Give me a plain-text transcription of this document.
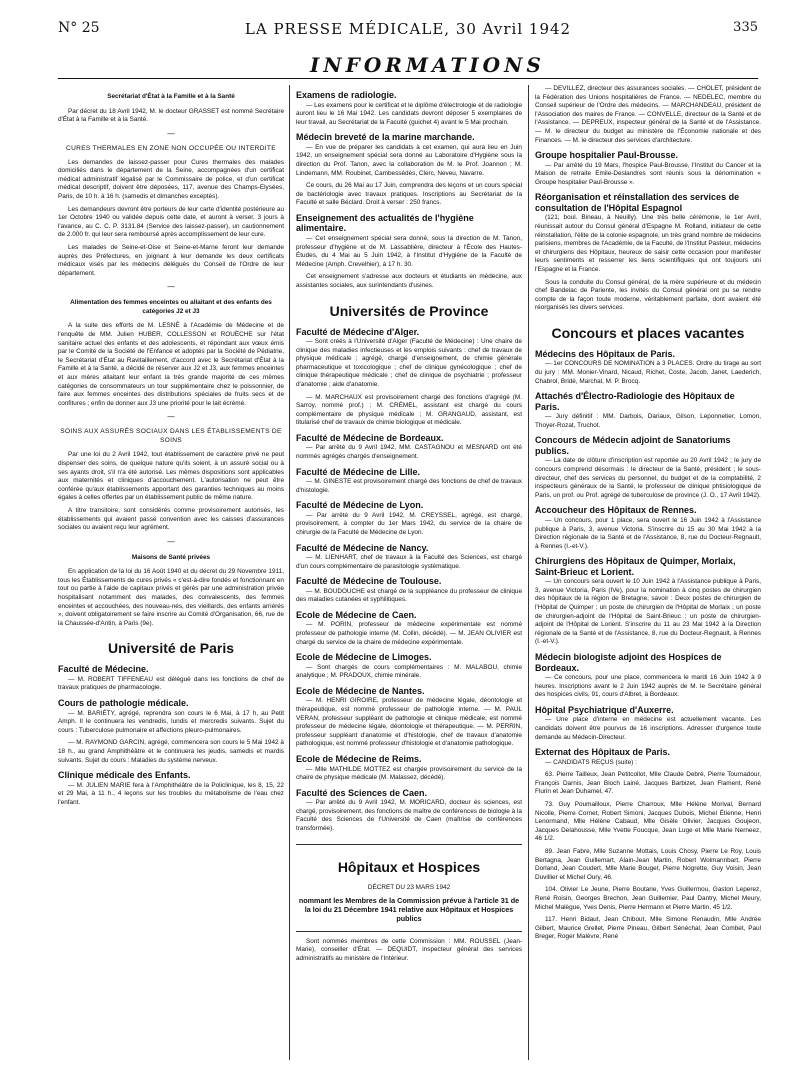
N° 25	LA PRESSE MÉDICALE, 30 Avril 1942	335
INFORMATIONS
Secrétariat d'État à la Famille et à la Santé

Par décret du 18 Avril 1942, M. le docteur GRASSET est nommé Secrétaire d'État à la Famille et à la Santé.

—
CURES THERMALES EN ZONE NON OCCUPÉE OU INTERDITE

Les demandes de laissez-passer pour Cures thermales des malades domiciliés dans le département de la Seine, accompagnées d'un certificat médical administratif légalisé par le Commissaire de police, et d'un certificat médical descriptif, doivent être déposées, 117, avenue des Champs-Elysées, Paris, de 10 h. à 16 h. (samedis et dimanches exceptés).

Les demandeurs devront être porteurs de leur carte d'identité postérieure au 1er Octobre 1940 ou validée depuis cette date, et auront à verser, 3 jours à l'avance, au C. C. P. 3131.84 (Service des laissez-passer), un cautionnement de 2.000 fr. qui leur sera remboursé après accomplissement de leur cure.

Les malades de Seine-et-Oise et Seine-et-Marne feront leur demande auprès des Préfectures, en joignant à leur demande les deux certificats médicaux visés par les médecins délégués du Conseil de l'Ordre de leur département.

—
Alimentation des femmes enceintes ou allaitant et des enfants des catégories J2 et J3

A la suite des efforts de M. LESNÉ à l'Académie de Médecine et de l'enquête de MM. Julien HUBER, COLLESSON et ROUÈCHE sur l'état sanitaire actuel des enfants et des adolescents, et répondant aux vœux émis par le Comité de la Société de l'Enfance et adoptés par la Société de Pédiatrie, le Secrétariat d'État au Ravitaillement, d'accord avec le Secrétariat d'État à la Famille et à la Santé, a décidé de réserver aux J2 et J3, aux femmes enceintes et aux mères allaitant leur enfant la très grande majorité de ces mêmes catégories de consommateurs un tour supplémentaire chez le poissonnier, de faire aux femmes enceintes des distributions spéciales de fruits secs et de confitures ; enfin de donner aux J3 une priorité pour le lait écrémé.

—
SOINS AUX ASSURÉS SOCIAUX DANS LES ÉTABLISSEMENTS DE SOINS

Par une loi du 2 Avril 1942, tout établissement de caractère privé ne peut dispenser des soins, de quelque nature qu'ils soient, à un assuré social ou à ses ayants droit, s'il n'a été autorisé. Les mêmes dispositions sont applicables aux maternités et cliniques d'accouchement. L'autorisation ne peut être conférée qu'aux établissements apportant des garanties techniques au moins égales à celles offertes par un établissement public de même nature.

A titre transitoire, sont considérés comme provisoirement autorisés, les établissements qui avaient passé convention avec les caisses d'assurances sociales ou avaient reçu leur agrément.

—
Maisons de Santé privées

En application de la loi du 16 Août 1940 et du décret du 29 Novembre 1911, tous les Établissements de cures privés « c'est-à-dire fondés et fonctionnant en tout ou partie à l'aide de capitaux privés et gérés par une administration privée hospitalisant notamment des malades, des convalescents, des femmes enceintes et accouchées, des nouveau-nés, des vieillards, des enfants arriérés », doivent obligatoirement se faire inscrire au Comité d'Organisation, 66, rue de la Chaussée-d'Antin, à Paris (9e).

Université de Paris
Faculté de Médecine.

— M. ROBERT TIFFENEAU est délégué dans les fonctions de chef de travaux pratiques de pharmacologie.

Cours de pathologie médicale.

— M. BARIÉTY, agrégé, reprendra son cours le 6 Mai, à 17 h, au Petit Amph. Il le continuera les vendredis, lundis et mercredis suivants. Sujet du cours : Tuberculose pulmonaire et affections pleuro-pulmonaires.

— M. RAYMOND GARCIN, agrégé, commencera son cours le 5 Mai 1942 à 18 h., au grand Amphithéâtre et le continuera les jeudis, samedis et mardis suivants. Sujet du cours : Maladies du système nerveux.

Clinique médicale des Enfants.

— M. JULIEN MARIE fera à l'Amphithéâtre de la Policlinique, les 8, 15, 22 et 29 Mai, à 11 h., 4 leçons sur les troubles du métabolisme de l'eau chez l'enfant.

Examens de radiologie.

— Les examens pour le certificat et le diplôme d'électrologie et de radiologie auront lieu le 16 Mai 1942. Les candidats devront déposer 5 exemplaires de leur travail, au Secrétariat de la Faculté (guichet 4) avant le 5 Mai prochain.

Médecin breveté de la marine marchande.

— En vue de préparer les candidats à cet examen, qui aura lieu en Juin 1942, un enseignement spécial sera donné au Laboratoire d'Hygiène sous la direction du Prof. Tanon, avec la collaboration de M. le Prof. Joannon ; M. Lindemann, MM. Roubinet, Cambessédès, Clerc, Neveu, Navarre.

Ce cours, du 26 Mai au 17 Juin, comprendra des leçons et un cours spécial de bactériologie avec travaux pratiques. Inscriptions au Secrétariat de la Faculté et salle Béclard. Droit à verser : 250 francs.

Enseignement des actualités de l'hygiène alimentaire.

— Cet enseignement spécial sera donné, sous la direction de M. Tanon, professeur d'hygiène et de M. Lassablière, directeur à l'École des Hautes-Études, du 4 Mai au 5 Juin 1942, à l'Institut d'Hygiène de la Faculté de Médecine (Amph. Crevelhier), à 17 h. 30.

Cet enseignement s'adresse aux docteurs et étudiants en médecine, aux assistantes sociales, aux surintendants d'usines.

Universités de Province
Faculté de Médecine d'Alger.

— Sont créés à l'Université d'Alger (Faculté de Médecine) : Une chaire de clinique des maladies infectieuses et les emplois suivants : chef de travaux de physique médicale ; agrégé, chargé d'enseignement, de chimie générale pharmaceutique et toxicologique ; chef de clinique gynécologique ; chef de clinique thérapeutique médicale ; chef de clinique de psychiatrie ; professeur d'anatomie ; aide d'anatomie.

— M. MARCHAUX est provisoirement chargé des fonctions d'agrégé (M. Sarroy, nommé prof.) ; M. CRÉMEL, assistant est chargé du cours complémentaire de physique médicale ; M. GRANGAUD, assistant, est titularisé chef de travaux de chimie biologique et médicale.

Faculté de Médecine de Bordeaux.

— Par arrêté du 9 Avril 1942, MM. CASTAGNOU et MESNARD ont été nommés agrégés chargés d'enseignement.

Faculté de Médecine de Lille.

— M. GINESTE est provisoirement chargé des fonctions de chef de travaux d'histologie.

Faculté de Médecine de Lyon.

— Par arrêté du 9 Avril 1942, M. CREYSSEL, agrégé, est chargé, provisoirement, à compter du 1er Mars 1942, du service de la chaire de chirurgie de la Faculté de Médecine de Lyon.

Faculté de Médecine de Nancy.

— M. LIENHART, chef de travaux à la Faculté des Sciences, est chargé d'un cours complémentaire de parasitologie systématique.

Faculté de Médecine de Toulouse.

— M. BOUDOUCHE est chargé de la suppléance du professeur de clinique des maladies cutanées et syphilitiques.

Ecole de Médecine de Caen.

— M. PORIN, professeur de médecine expérimentale est nommé professeur de pathologie interne (M. Collin, décédé). — M. JEAN OLIVIER est chargé du service de la chaire de médecine expérimentale.

Ecole de Médecine de Limoges.

— Sont chargés de cours complémentaires : M. MALABOU, chimie analytique ; M. PRADOUX, chimie minérale.

Ecole de Médecine de Nantes.

— M. HENRI GIROIRE, professeur de médecine légale, déontologie et thérapeutique, est nommé professeur de pathologie interne. — M. PAUL VERAN, professeur suppléant de pathologie et clinique médicale, est nommé professeur de médecine légale, déontologie et thérapeutique. — M. PERRIN, professeur suppléant d'anatomie et d'histologie, chef de travaux d'anatomie pathologique, est nommé professeur d'histologie et d'anatomie pathologique.

Ecole de Médecine de Reims.

— Mlle MATHILDE MOTTEZ est chargée provisoirement du service de la chaire de physique médicale (M. Malassez, décédé).

Faculté des Sciences de Caen.

— Par arrêté du 9 Avril 1942, M. MORICARD, docteur ès sciences, est chargé, provisoirement, des fonctions de maître de conférences de biologie à la Faculté des Sciences de l'Université de Caen (maîtrise de conférences transformée).

Hôpitaux et Hospices
DÉCRET DU 23 MARS 1942
nommant les Membres de la Commission prévue à l'article 31 de la loi du 21 Décembre 1941 relative aux Hôpitaux et Hospices publics

Sont nommés membres de cette Commission : MM. ROUSSEL (Jean-Marie), conseiller d'État. — DEQUIDT, inspecteur général des services administratifs au ministère de l'Intérieur.

— DEVILLEZ, directeur des assurances sociales. — CHOLET, président de la Fédération des Unions hospitalières de France. — NEDELEC, membre du Conseil supérieur de l'Ordre des médecins. — MARCHANDEAU, président de l'Association des maires de France. — CONVELLE, directeur de la Santé et de l'Assistance. — DEPREUX, inspecteur général de la Santé et de l'Assistance. — M. le directeur du budget au ministère de l'Économie nationale et des Finances. — M. le directeur des services d'architecture.

Groupe hospitalier Paul-Brousse.

— Par arrêté du 19 Mars, l'hospice Paul-Brousse, l'Institut du Cancer et la Maison de retraite Emile-Deslandres sont réunis sous la dénomination « Groupe hospitalier Paul-Brousse ».

Réorganisation et réinstallation des services de consultation de l'Hôpital Espagnol

(121, boul. Bineau, à Neuilly). Une très belle cérémonie, le 1er Avril, réunissait autour du Consul général d'Espagne M. Rolland, initiateur de cette réinstallation, l'élite de la colonie espagnole, un très grand nombre de médecins parisiens, membres de l'Académie, de la Faculté, de l'Institut Pasteur, médecins et chirurgiens des Hôpitaux, heureux de saisir cette occasion pour manifester leurs sentiments et resserrer les liens scientifiques qui ont toujours uni l'Espagne et la France.

Sous la conduite du Consul général, de la mère supérieure et du médecin chef Bandelac de Pariente, les invités du Consul général ont pu se rendre compte de la façon toute moderne, véritablement parfaite, dont avaient été réorganisés les divers services.

Concours et places vacantes
Médecins des Hôpitaux de Paris.

— 1er CONCOURS DE NOMINATION à 3 PLACES. Ordre du tirage au sort du jury : MM. Monier-Vinard, Nicaud, Richet, Coste, Jacob, Janet, Laederich, Chabrol, Bridé, Marchal, M. P. Brocq.

Attachés d'Électro-Radiologie des Hôpitaux de Paris.

— Jury définitif : MM. Darbois, Dariaux, Gilson, Leponnetier, Lomon, Thoyer-Rozat, Truchot.

Concours de Médecin adjoint de Sanatoriums publics.

— La date de clôture d'inscription est reportée au 20 Avril 1942 ; le jury de concours comprend désormais : le directeur de la Santé, président ; le sous-directeur, chef des services du personnel, du budget et de la comptabilité, 2 inspecteurs généraux de la Santé, le professeur de clinique phtisiologique de Paris, un prof. ou Prof. agrégé de tuberculose de province (J. O., 17 Avril 1942).

Accoucheur des Hôpitaux de Rennes.

— Un concours, pour 1 place, sera ouvert le 16 Juin 1942 à l'Assistance publique à Paris, 3, avenue Victoria. S'inscrire du 15 au 30 Mai 1942 à la Direction régionale de la Santé et de l'Assistance, 8, rue du Docteur-Regnault, à Rennes (I.-et-V.).

Chirurgiens des Hôpitaux de Quimper, Morlaix, Saint-Brieuc et Lorient.

— Un concours sera ouvert le 10 Juin 1942 à l'Assistance publique à Paris, 3, avenue Victoria, Paris (IVe), pour la nomination à cinq postes de chirurgien des hôpitaux de la région de Bretagne, savoir : Deux postes de chirurgien de l'Hôpital de Quimper ; un poste de chirurgien de l'Hôpital de Morlaix ; un poste de chirurgien-adjoint de l'Hôpital de Saint-Brieuc ; un poste de chirurgien-adjoint de l'Hôpital de Lorient. S'inscrire du 11 au 23 Mai 1942 à la Direction régionale de la Santé et de l'Assistance, 8, rue du Docteur-Regnault, à Rennes (I.-et-V.).

Médecin biologiste adjoint des Hospices de Bordeaux.

— Ce concours, pour une place, commencera le mardi 16 Juin 1942 à 9 heures. Inscriptions avant le 2 Juin 1942 auprès de M. le Secrétaire général des hospices civils, 91, cours d'Albret, à Bordeaux.

Hôpital Psychiatrique d'Auxerre.

— Une place d'interne en médecine est actuellement vacante. Les candidats doivent être pourvus de 16 inscriptions. Adresser d'urgence toute demande au Médecin-Directeur.

Externat des Hôpitaux de Paris.

— CANDIDATS REÇUS (suite) :

63. Pierre Tailleux, Jean Petitcollot, Mlle Claude Debré, Pierre Tournadour, François Darnis, Jean Bloch Lainé, Jacques Barbizet, Jean Flament, René Flurin et Jean Duhamel, 47.

73. Guy Poumailloux, Pierre Charroux, Mlle Hélène Morival, Bernard Nicolle, Pierre Cornet, Robert Simoni, Jacques Dubois, Michel Étienne, Henri Lenormand, Mlle Hélène Cabaud, Mlle Gisèle Olivier, Jacques Goujeon, Jacques Delahousse, Mlle Yvette Foucque, Jean Luge et Mlle Marie Nerneez, 46 1/2.

89. Jean Fabre, Mlle Suzanne Mottais, Louis Chosy, Pierre Le Roy, Louis Bertagna, Jean Guillemart, Alain-Jean Martin, Robert Wolmannbart, Pierre Dorland, Jean Coudert, Mlle Marie Bouget, Pierre Nogrette, Guy Voisin, Jean Duvillier et Michel Oury, 46.

104. Olivier Le Jeune, Pierre Boutarie, Yves Guillermou, Gaston Leperez, René Roisin, Georges Brechon, Jean Guillemier, Paul Dantry, Michel Meury, Michel Malègue, Yves Denis, Pierre Hermann et Pierre Martin, 45 1/2.

117. Henri Bidaut, Jean Chibout, Mlle Simone Renaudin, Mlle Andrée Gilbert, Maurice Grellet, Pierre Pineau, Gilbert Sénéchal, Jean Combet, Paul Breger, Roger Malèvre, René
